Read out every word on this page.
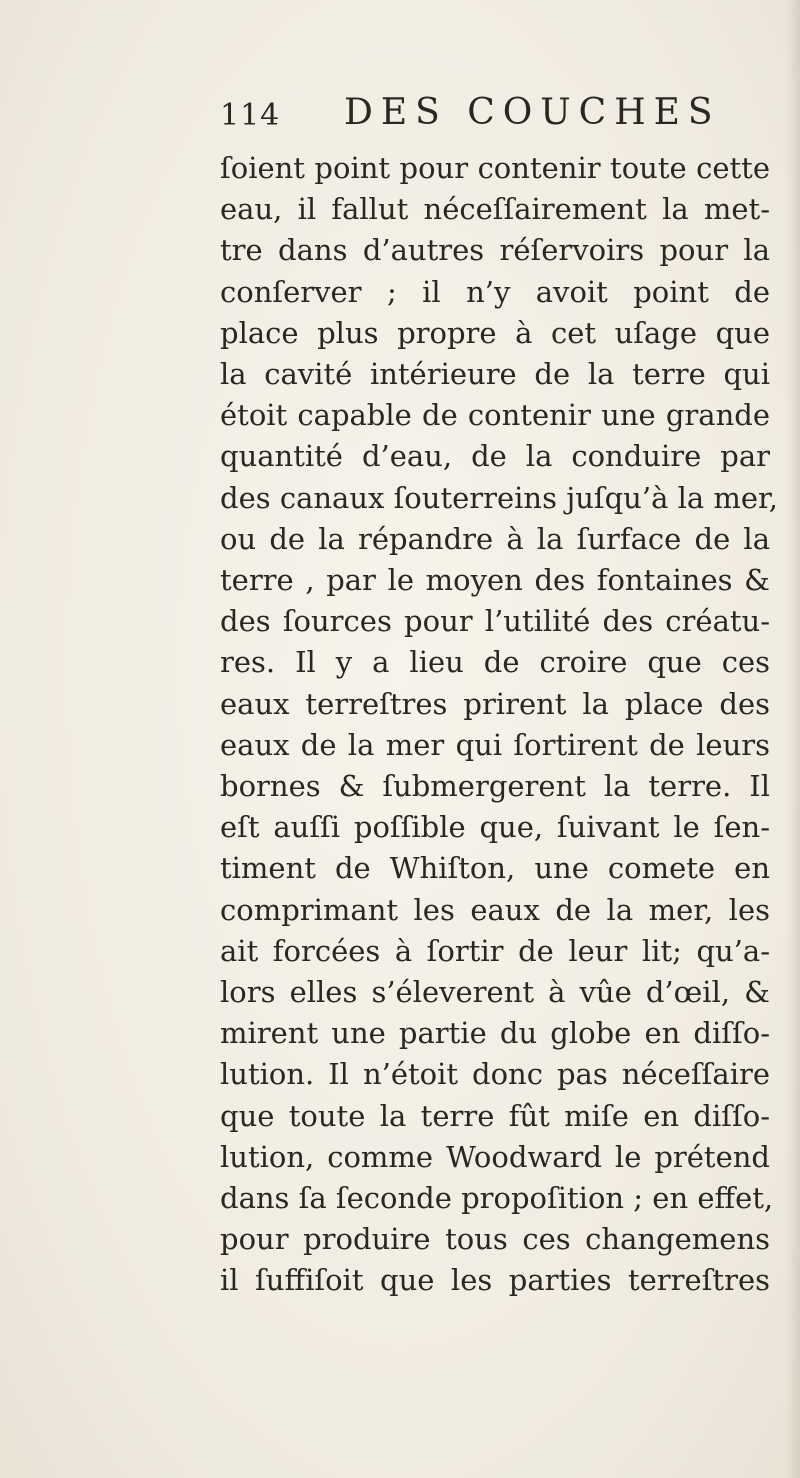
114 DES COUCHES
ſoient point pour contenir toute cette
eau, il fallut néceſſairement la met-
tre dans d’autres réſervoirs pour la
conſerver ; il n’y avoit point de
place plus propre à cet uſage que
la cavité intérieure de la terre qui
étoit capable de contenir une grande
quantité d’eau, de la conduire par
des canaux ſouterreins juſqu’à la mer,
ou de la répandre à la ſurface de la
terre , par le moyen des fontaines &
des ſources pour l’utilité des créatu-
res. Il y a lieu de croire que ces
eaux terreſtres prirent la place des
eaux de la mer qui ſortirent de leurs
bornes & ſubmergerent la terre. Il
eſt auſſi poſſible que, ſuivant le ſen-
timent de Whiſton, une comete en
comprimant les eaux de la mer, les
ait forcées à ſortir de leur lit; qu’a-
lors elles s’éleverent à vûe d’œil, &
mirent une partie du globe en diſſo-
lution. Il n’étoit donc pas néceſſaire
que toute la terre fût miſe en diſſo-
lution, comme Woodward le prétend
dans ſa ſeconde propoſition ; en effet,
pour produire tous ces changemens
il ſuffiſoit que les parties terreſtres
